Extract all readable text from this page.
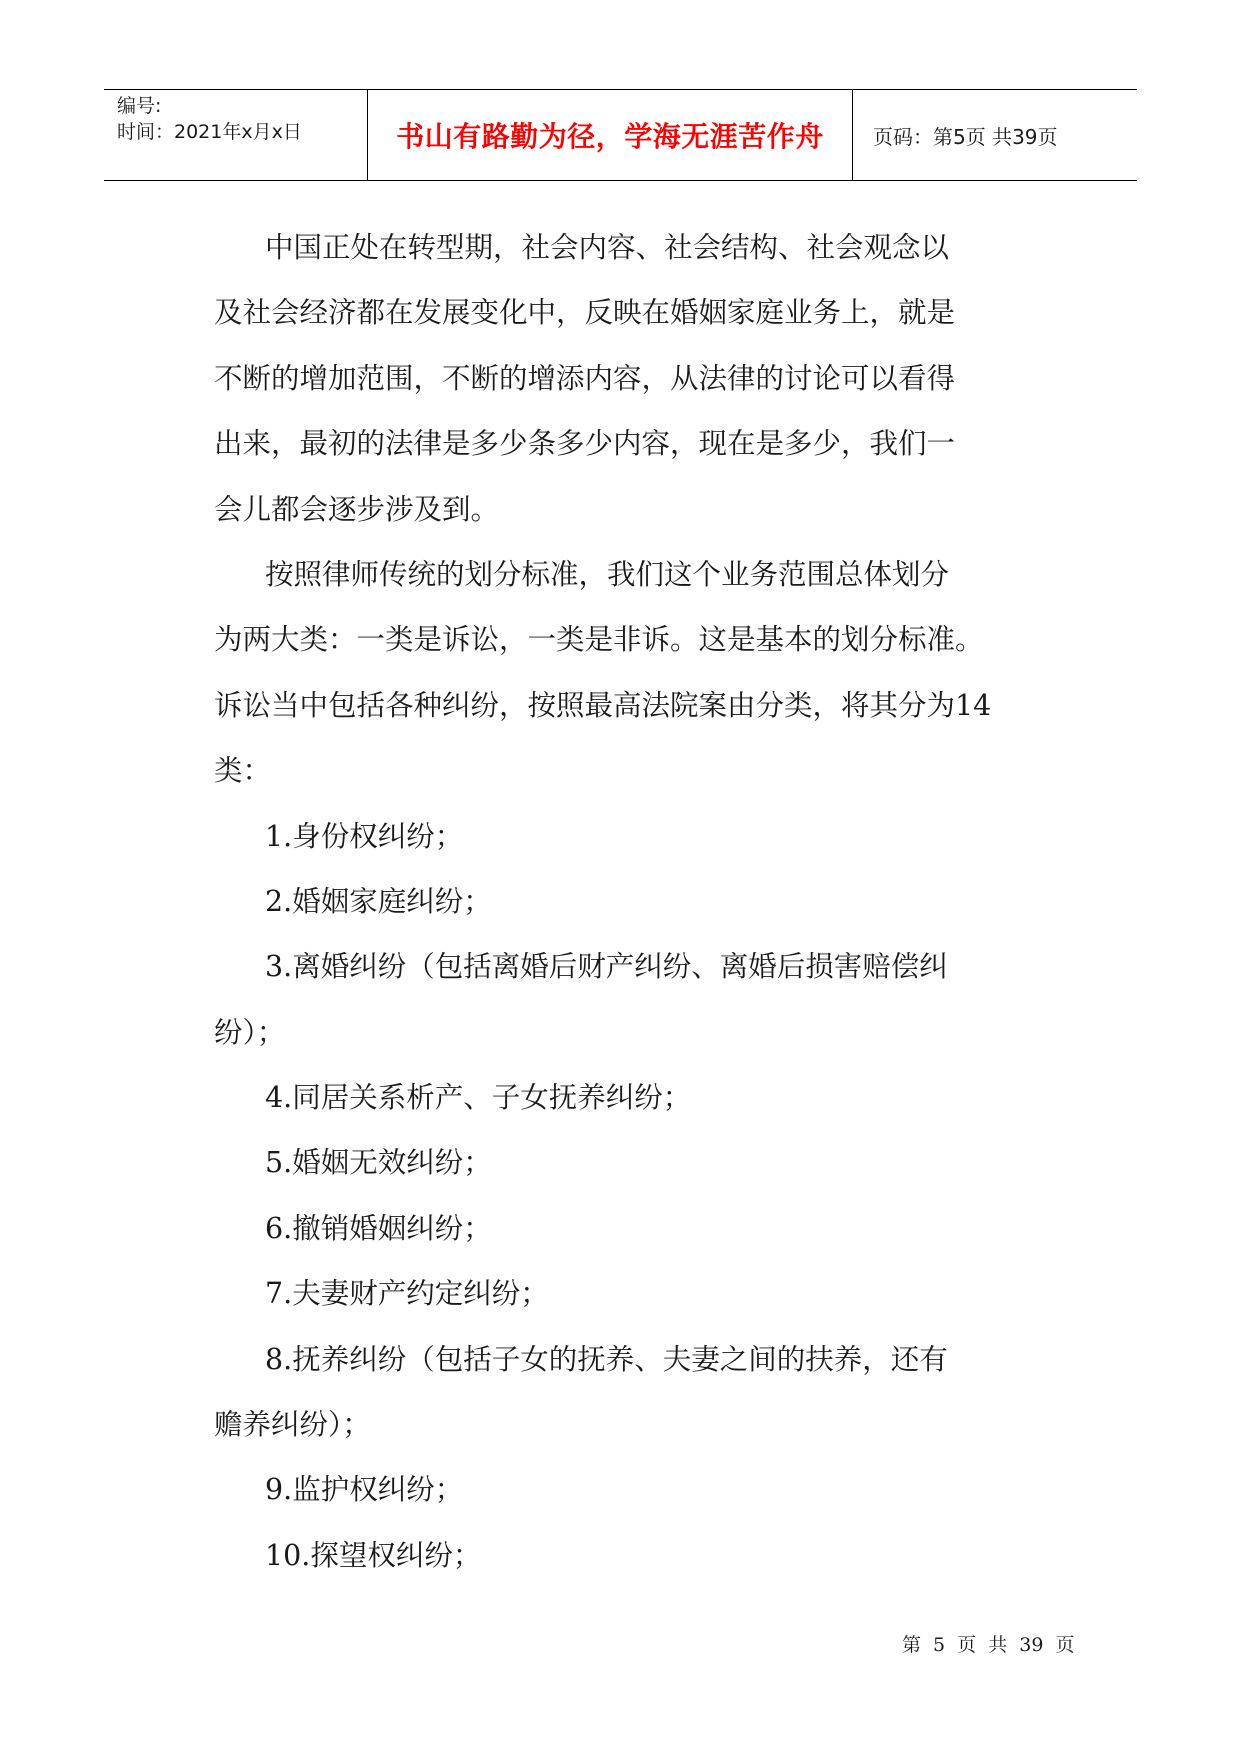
编号:
时间：2021年x月x日	书山有路勤为径，学海无涯苦作舟	页码：第5页 共39页
中国正处在转型期，社会内容、社会结构、社会观念以
及社会经济都在发展变化中，反映在婚姻家庭业务上，就是
不断的增加范围，不断的增添内容，从法律的讨论可以看得
出来，最初的法律是多少条多少内容，现在是多少，我们一
会儿都会逐步涉及到。
按照律师传统的划分标准，我们这个业务范围总体划分
为两大类：一类是诉讼，一类是非诉。这是基本的划分标准。
诉讼当中包括各种纠纷，按照最高法院案由分类，将其分为14
类：
1.身份权纠纷；
2.婚姻家庭纠纷；
3.离婚纠纷（包括离婚后财产纠纷、离婚后损害赔偿纠
纷）；
4.同居关系析产、子女抚养纠纷；
5.婚姻无效纠纷；
6.撤销婚姻纠纷；
7.夫妻财产约定纠纷；
8.抚养纠纷（包括子女的抚养、夫妻之间的扶养，还有
赡养纠纷）；
9.监护权纠纷；
10.探望权纠纷；
第 5 页 共 39 页
